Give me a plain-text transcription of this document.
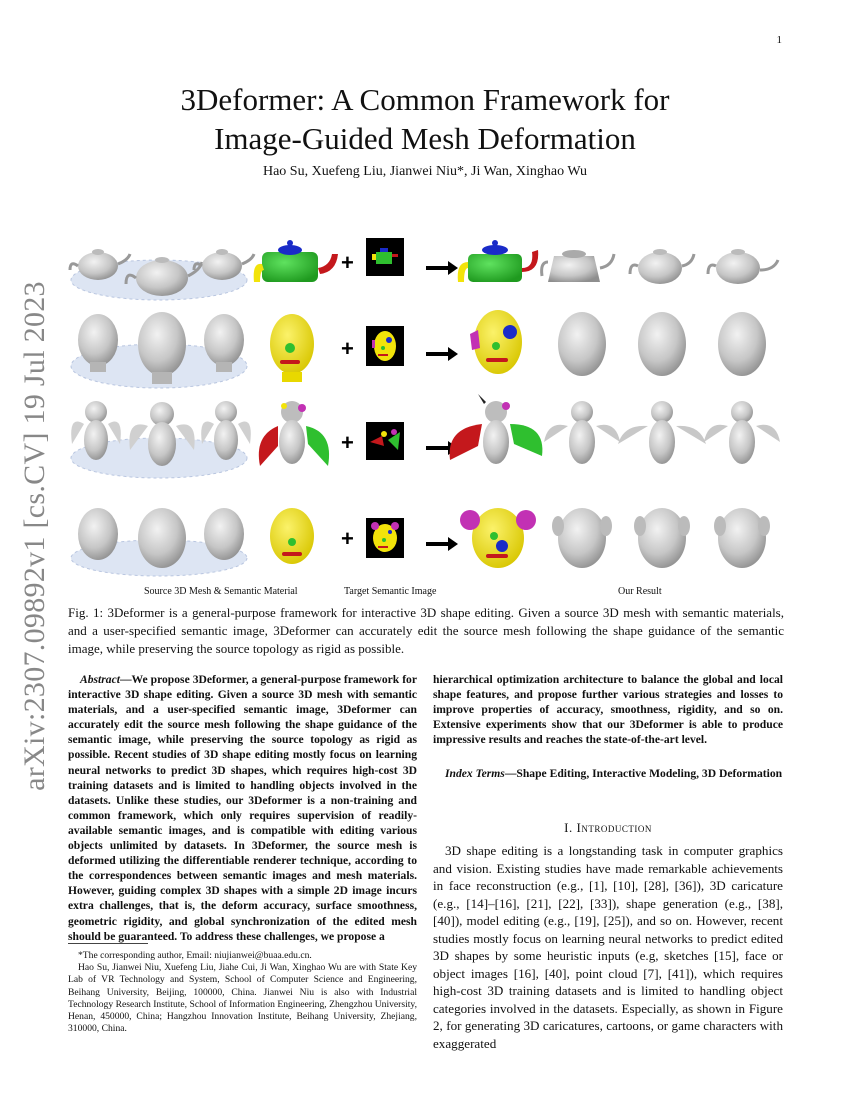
1
arXiv:2307.09892v1 [cs.CV] 19 Jul 2023
3Deformer: A Common Framework for
Image-Guided Mesh Deformation
Hao Su, Xuefeng Liu, Jianwei Niu*, Ji Wan, Xinghao Wu
+
+
+
+
Source 3D Mesh & Semantic Material	Target Semantic Image	Our Result
Fig. 1: 3Deformer is a general-purpose framework for interactive 3D shape editing. Given a source 3D mesh with semantic materials, and a user-specified semantic image, 3Deformer can accurately edit the source mesh following the shape guidance of the semantic image, while preserving the source topology as rigid as possible.

Abstract—We propose 3Deformer, a general-purpose framework for interactive 3D shape editing. Given a source 3D mesh with semantic materials, and a user-specified semantic image, 3Deformer can accurately edit the source mesh following the shape guidance of the semantic image, while preserving the source topology as rigid as possible. Recent studies of 3D shape editing mostly focus on learning neural networks to predict 3D shapes, which requires high-cost 3D training datasets and is limited to handling objects involved in the datasets. Unlike these studies, our 3Deformer is a non-training and common framework, which only requires supervision of readily-available semantic images, and is compatible with editing various objects unlimited by datasets. In 3Deformer, the source mesh is deformed utilizing the differentiable renderer technique, according to the correspondences between semantic images and mesh materials. However, guiding complex 3D shapes with a simple 2D image incurs extra challenges, that is, the deform accuracy, surface smoothness, geometric rigidity, and global synchronization of the edited mesh should be guaranteed. To address these challenges, we propose a

*The corresponding author, Email: niujianwei@buaa.edu.cn.

Hao Su, Jianwei Niu, Xuefeng Liu, Jiahe Cui, Ji Wan, Xinghao Wu are with State Key Lab of VR Technology and System, School of Computer Science and Engineering, Beihang University, Beijing, 100000, China. Jianwei Niu is also with Industrial Technology Research Institute, School of Information Engineering, Zhengzhou University, Henan, 450000, China; Hangzhou Innovation Institute, Beihang University, Zhejiang, 310000, China.

hierarchical optimization architecture to balance the global and local shape features, and propose further various strategies and losses to improve properties of accuracy, smoothness, rigidity, and so on. Extensive experiments show that our 3Deformer is able to produce impressive results and reaches the state-of-the-art level.

Index Terms—Shape Editing, Interactive Modeling, 3D Deformation

I. Introduction

3D shape editing is a longstanding task in computer graphics and vision. Existing studies have made remarkable achievements in face reconstruction (e.g., [1], [10], [28], [36]), 3D caricature (e.g., [14]–[16], [21], [22], [33]), shape generation (e.g., [38], [40]), model editing (e.g., [19], [25]), and so on. However, recent studies mostly focus on learning neural networks to predict edited 3D shapes by some heuristic inputs (e.g, sketches [15], face or object images [16], [40], point cloud [7], [41]), which requires high-cost 3D training datasets and is limited to handling object categories involved in the datasets. Especially, as shown in Figure 2, for generating 3D caricatures, cartoons, or game characters with exaggerated
